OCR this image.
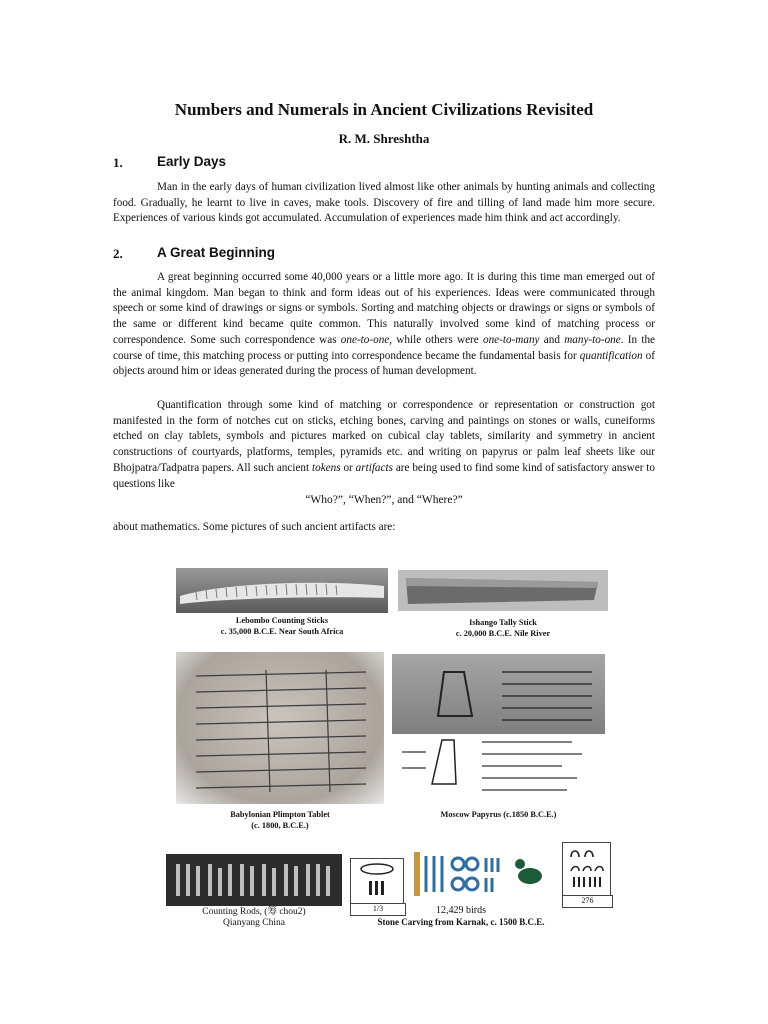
Numbers and Numerals in Ancient Civilizations Revisited
R. M. Shreshtha
1.	Early Days

Man in the early days of human civilization lived almost like other animals by hunting animals and collecting food. Gradually, he learnt to live in caves, make tools. Discovery of fire and tilling of land made him more secure. Experiences of various kinds got accumulated. Accumulation of experiences made him think and act accordingly.

2.	A Great Beginning

A great beginning occurred some 40,000 years or a little more ago. It is during this time man emerged out of the animal kingdom. Man began to think and form ideas out of his experiences. Ideas were communicated through speech or some kind of drawings or signs or symbols. Sorting and matching objects or drawings or signs or symbols of the same or different kind became quite common. This naturally involved some kind of matching process or correspondence. Some such correspondence was one-to-one, while others were one-to-many and many-to-one. In the course of time, this matching process or putting into correspondence became the fundamental basis for quantification of objects around him or ideas generated during the process of human development.

Quantification through some kind of matching or correspondence or representation or construction got manifested in the form of notches cut on sticks, etching bones, carving and paintings on stones or walls, cuneiforms etched on clay tablets, symbols and pictures marked on cubical clay tablets, similarity and symmetry in ancient constructions of courtyards, platforms, temples, pyramids etc. and writing on papyrus or palm leaf sheets like our Bhojpatra/Tadpatra papers. All such ancient tokens or artifacts are being used to find some kind of satisfactory answer to questions like

“Who?”, “When?”, and “Where?”

about mathematics. Some pictures of such ancient artifacts are:

Lebombo Counting Sticks
c. 35,000 B.C.E. Near South Africa
Ishango Tally Stick
c. 20,000 B.C.E. Nile River
Babylonian Plimpton Tablet
(c. 1800, B.C.E.)
Moscow Papyrus (c.1850 B.C.E.)
Counting Rods, (筹 chou2)
Qianyang China
1/3	12,429 birds
Stone Carving from Karnak, c. 1500 B.C.E.
276
